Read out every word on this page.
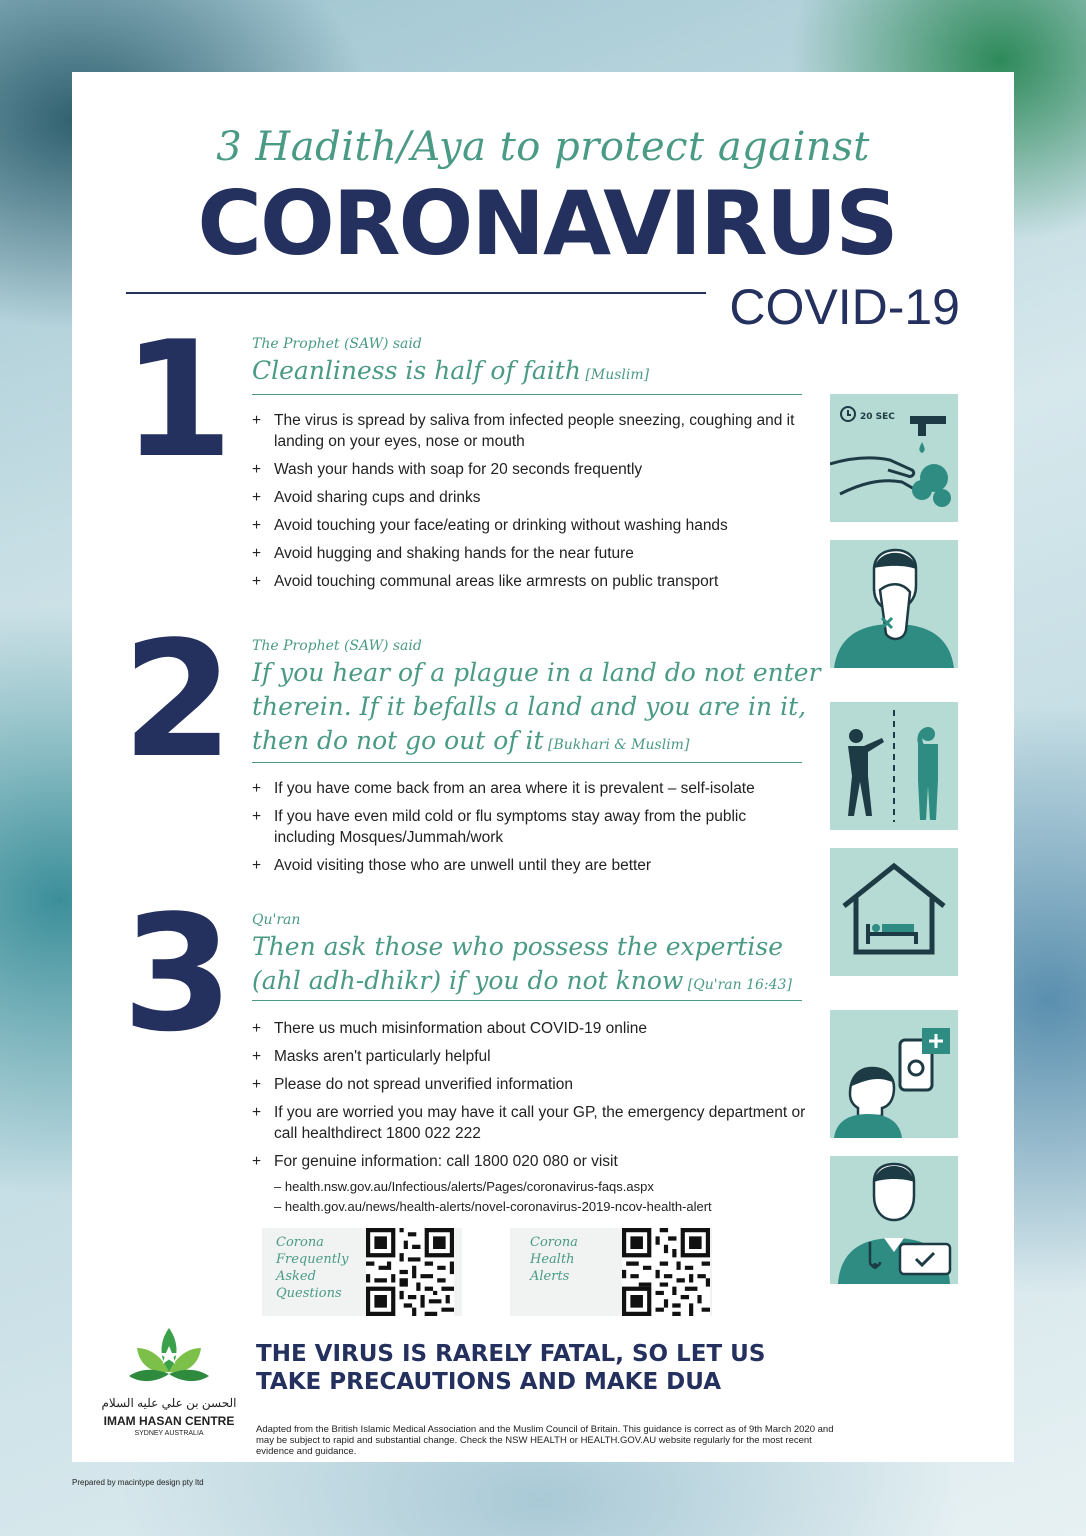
3 Hadith/Aya to protect against
CORONAVIRUS
COVID-19
1 The Prophet (SAW) said
Cleanliness is half of faith [Muslim]
+ The virus is spread by saliva from infected people sneezing, coughing and it landing on your eyes, nose or mouth
+ Wash your hands with soap for 20 seconds frequently
+ Avoid sharing cups and drinks
+ Avoid touching your face/eating or drinking without washing hands
+ Avoid hugging and shaking hands for the near future
+ Avoid touching communal areas like armrests on public transport
2 The Prophet (SAW) said
If you hear of a plague in a land do not enter
therein. If it befalls a land and you are in it,
then do not go out of it [Bukhari & Muslim]
+ If you have come back from an area where it is prevalent – self-isolate
+ If you have even mild cold or flu symptoms stay away from the public including Mosques/Jummah/work
+ Avoid visiting those who are unwell until they are better
3 Qu'ran
Then ask those who possess the expertise
(ahl adh-dhikr) if you do not know [Qu'ran 16:43]
+ There us much misinformation about COVID-19 online
+ Masks aren't particularly helpful
+ Please do not spread unverified information
+ If you are worried you may have it call your GP, the emergency department or call healthdirect 1800 022 222
+ For genuine information: call 1800 020 080 or visit
– health.nsw.gov.au/Infectious/alerts/Pages/coronavirus-faqs.aspx
– health.gov.au/news/health-alerts/novel-coronavirus-2019-ncov-health-alert
Corona Frequently Asked Questions
Corona Health Alerts
20 SEC
الحسن بن علي عليه السلام
IMAM HASAN CENTRE
SYDNEY AUSTRALIA
THE VIRUS IS RARELY FATAL, SO LET US
TAKE PRECAUTIONS AND MAKE DUA
Adapted from the British Islamic Medical Association and the Muslim Council of Britain. This guidance is correct as of 9th March 2020 and may be subject to rapid and substantial change. Check the NSW HEALTH or HEALTH.GOV.AU website regularly for the most recent evidence and guidance.
Prepared by macintype design pty ltd
